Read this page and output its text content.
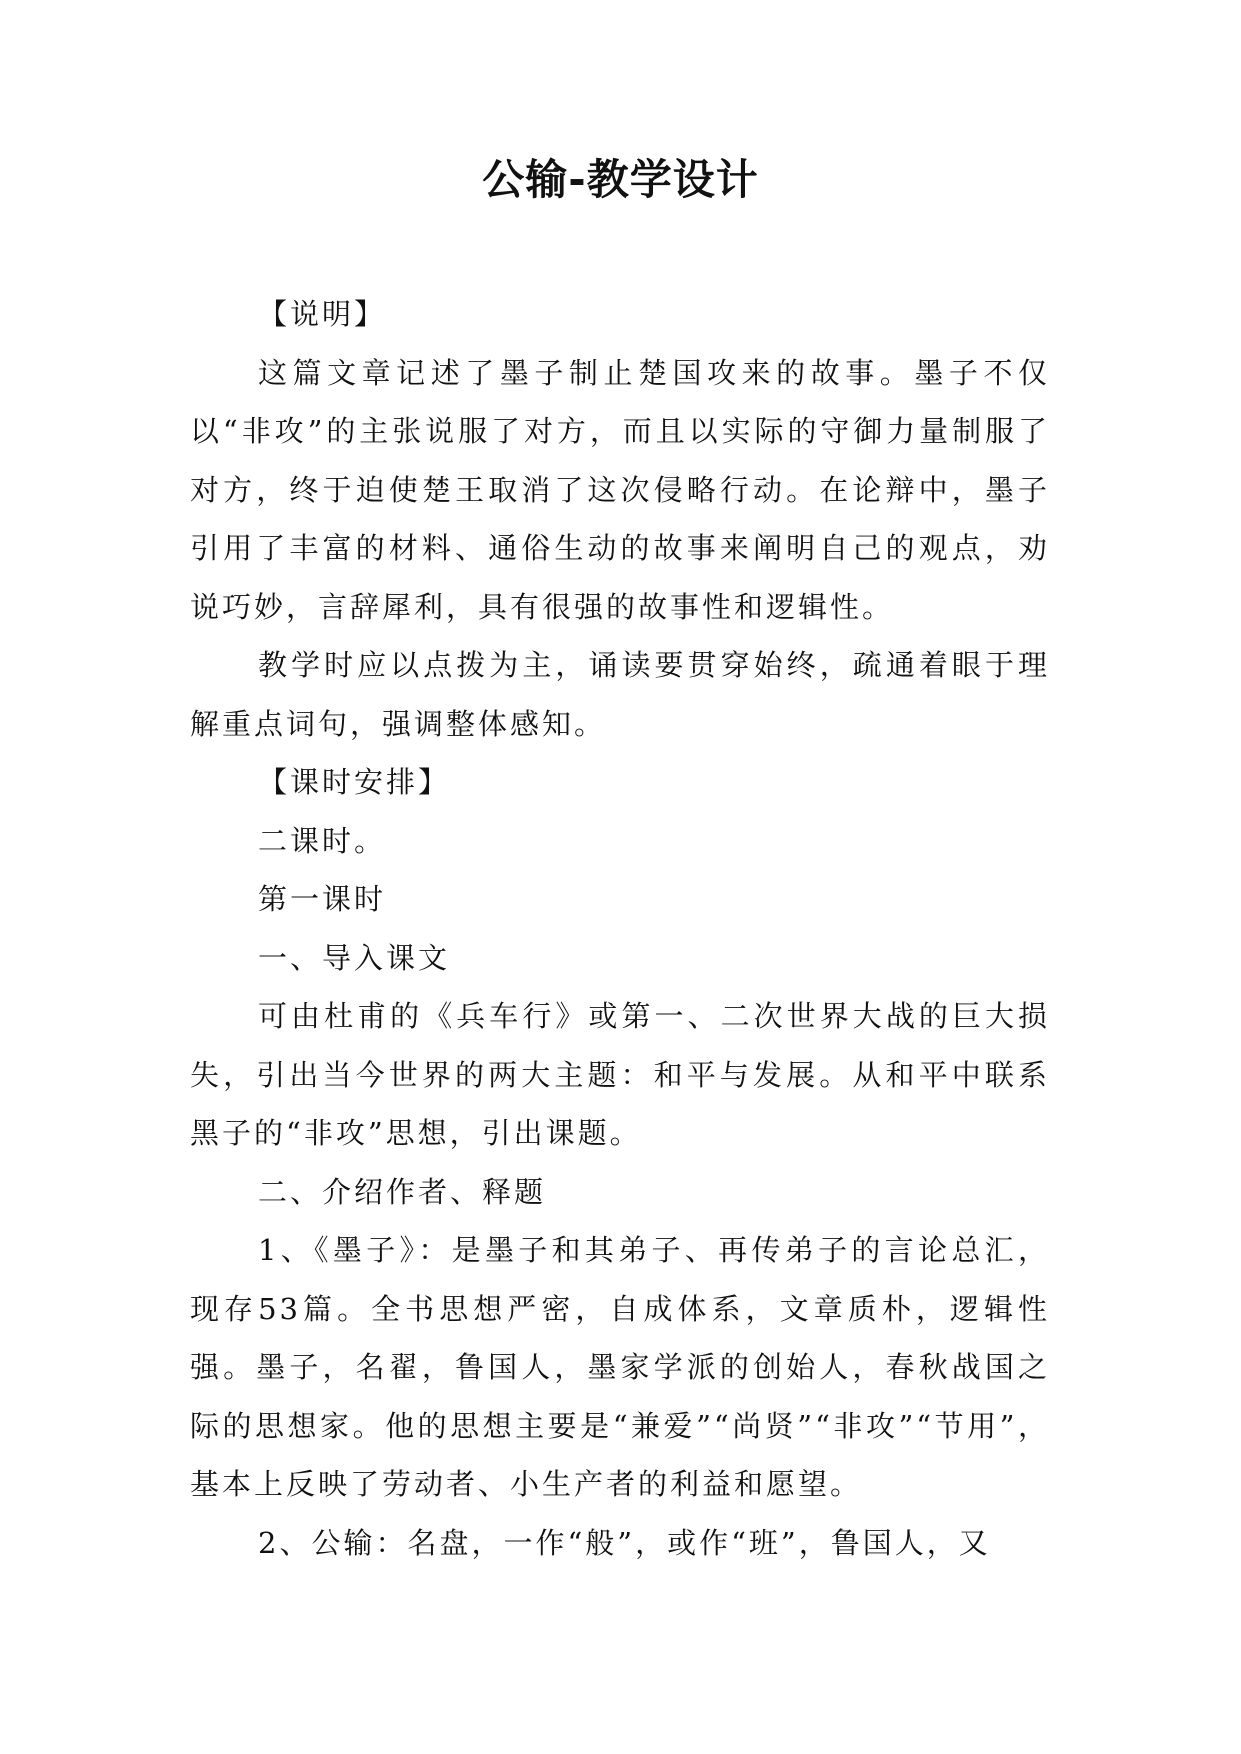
公输-教学设计

【说明】

这篇文章记述了墨子制止楚国攻来的故事。墨子不仅以“非攻”的主张说服了对方，而且以实际的守御力量制服了对方，终于迫使楚王取消了这次侵略行动。在论辩中，墨子引用了丰富的材料、通俗生动的故事来阐明自己的观点，劝说巧妙，言辞犀利，具有很强的故事性和逻辑性。

教学时应以点拨为主，诵读要贯穿始终，疏通着眼于理解重点词句，强调整体感知。

【课时安排】

二课时。

第一课时

一、导入课文

可由杜甫的《兵车行》或第一、二次世界大战的巨大损失，引出当今世界的两大主题：和平与发展。从和平中联系黑子的“非攻”思想，引出课题。

二、介绍作者、释题

1、《墨子》：是墨子和其弟子、再传弟子的言论总汇，现存53篇。全书思想严密，自成体系，文章质朴，逻辑性强。墨子，名翟，鲁国人，墨家学派的创始人，春秋战国之际的思想家。他的思想主要是“兼爱”“尚贤”“非攻”“节用”，基本上反映了劳动者、小生产者的利益和愿望。

2、公输：名盘，一作“般”，或作“班”，鲁国人，又
